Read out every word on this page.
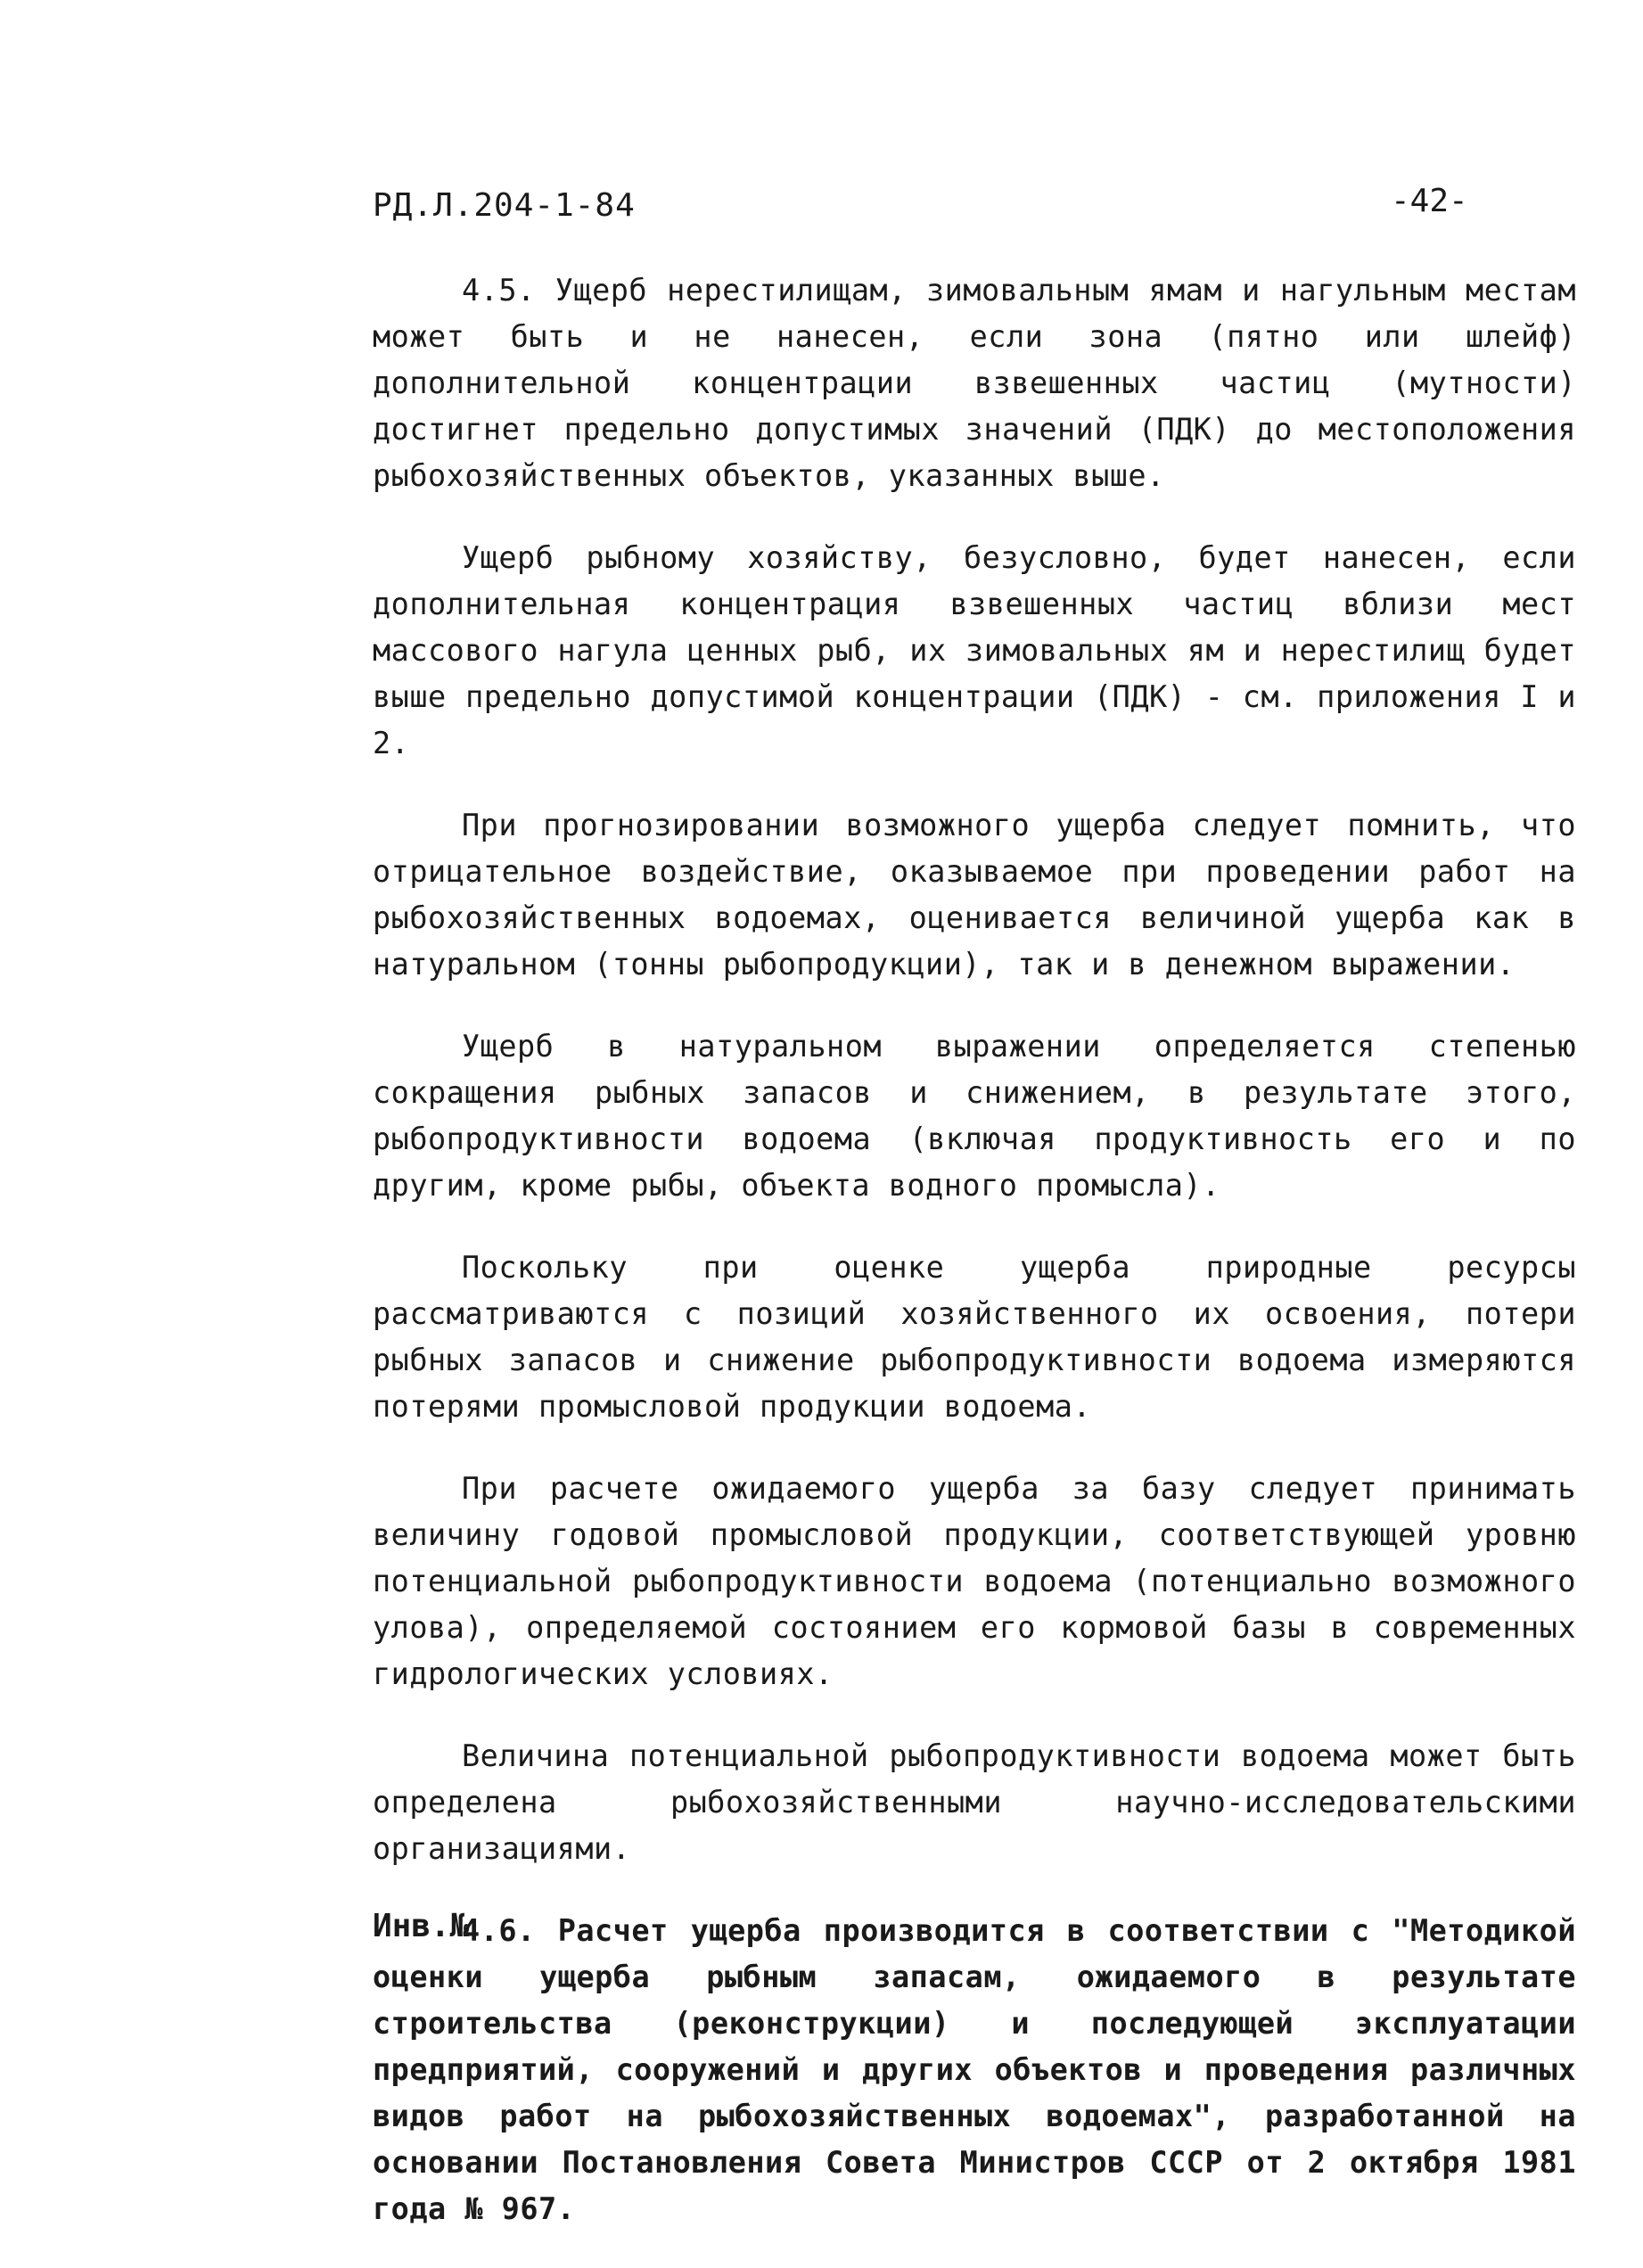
РД.Л.204-1-84	-42-

4.5. Ущерб нерестилищам, зимовальным ямам и нагульным местам может быть и не нанесен, если зона (пятно или шлейф) дополнительной концентрации взвешенных частиц (мутности) достигнет предельно допустимых значений (ПДК) до местоположения рыбохозяйственных объектов, указанных выше.

Ущерб рыбному хозяйству, безусловно, будет нанесен, если дополнительная концентрация взвешенных частиц вблизи мест массового нагула ценных рыб, их зимовальных ям и нерестилищ будет выше предельно допустимой концентрации (ПДК) - см. приложения I и 2.

При прогнозировании возможного ущерба следует помнить, что отрицательное воздействие, оказываемое при проведении работ на рыбохозяйственных водоемах, оценивается величиной ущерба как в натуральном (тонны рыбопродукции), так и в денежном выражении.

Ущерб в натуральном выражении определяется степенью сокращения рыбных запасов и снижением, в результате этого, рыбопродуктивности водоема (включая продуктивность его и по другим, кроме рыбы, объекта водного промысла).

Поскольку при оценке ущерба природные ресурсы рассматриваются с позиций хозяйственного их освоения, потери рыбных запасов и снижение рыбопродуктивности водоема измеряются потерями промысловой продукции водоема.

При расчете ожидаемого ущерба за базу следует принимать величину годовой промысловой продукции, соответствующей уровню потенциальной рыбопродуктивности водоема (потенциально возможного улова), определяемой состоянием его кормовой базы в современных гидрологических условиях.

Величина потенциальной рыбопродуктивности водоема может быть определена рыбохозяйственными научно-исследовательскими организациями.

4.6. Расчет ущерба производится в соответствии с "Методикой оценки ущерба рыбным запасам, ожидаемого в результате строительства (реконструкции) и последующей эксплуатации предприятий, сооружений и других объектов и проведения различных видов работ на рыбохозяйственных водоемах", разработанной на основании Постановления Совета Министров СССР от 2 октября 1981 года № 967.

Инв.№
